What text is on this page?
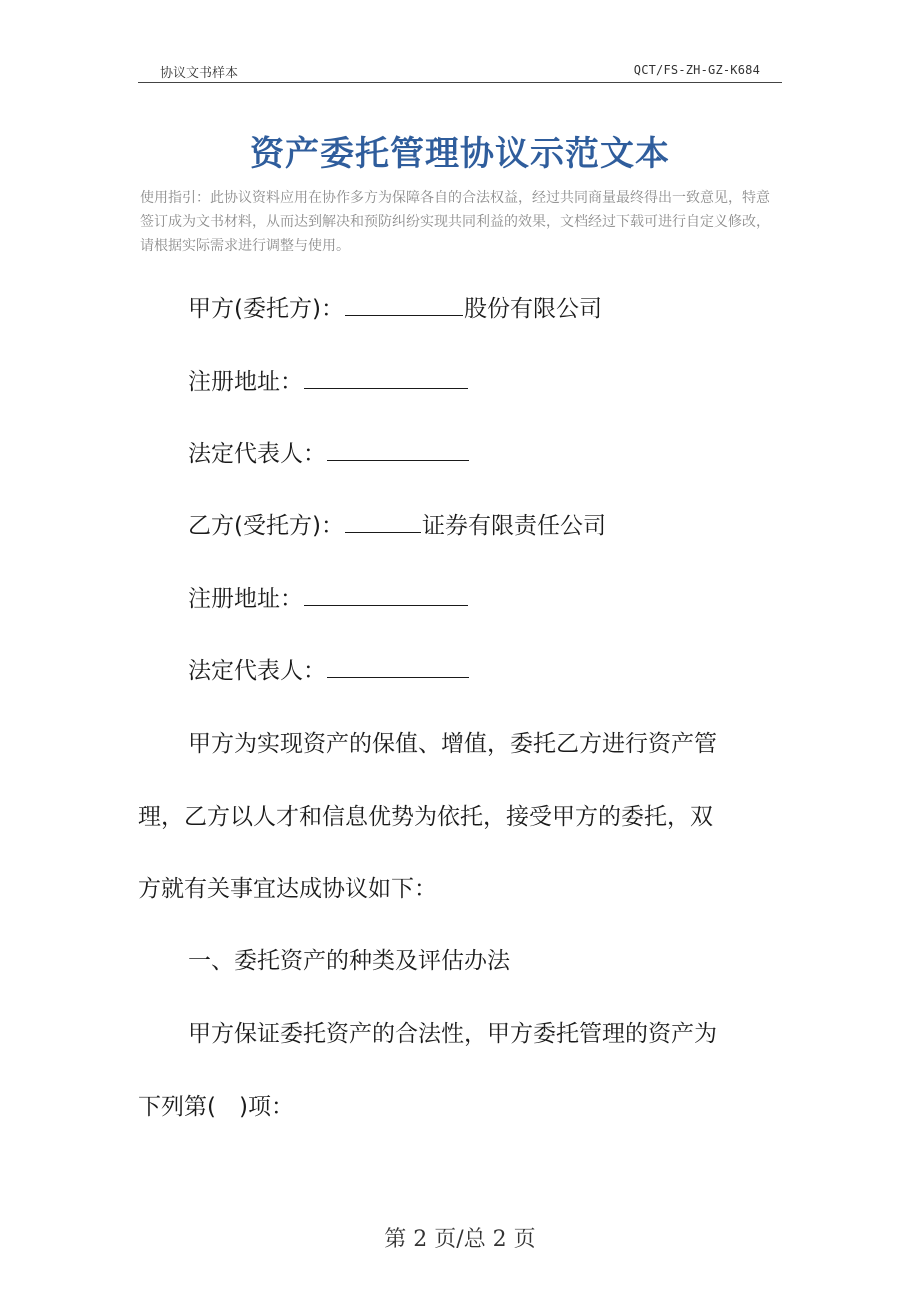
协议文书样本	QCT/FS-ZH-GZ-K684
资产委托管理协议示范文本
使用指引：此协议资料应用在协作多方为保障各自的合法权益，经过共同商量最终得出一致意见，特意签订成为文书材料，从而达到解决和预防纠纷实现共同利益的效果，文档经过下载可进行自定义修改，请根据实际需求进行调整与使用。
甲方(委托方)：	股份有限公司
注册地址：
法定代表人：
乙方(受托方)：	证券有限责任公司
注册地址：
法定代表人：
甲方为实现资产的保值、增值，委托乙方进行资产管
理，乙方以人才和信息优势为依托，接受甲方的委托，双
方就有关事宜达成协议如下：
一、委托资产的种类及评估办法
甲方保证委托资产的合法性，甲方委托管理的资产为
下列第(　)项：
第 2 页/总 2 页
